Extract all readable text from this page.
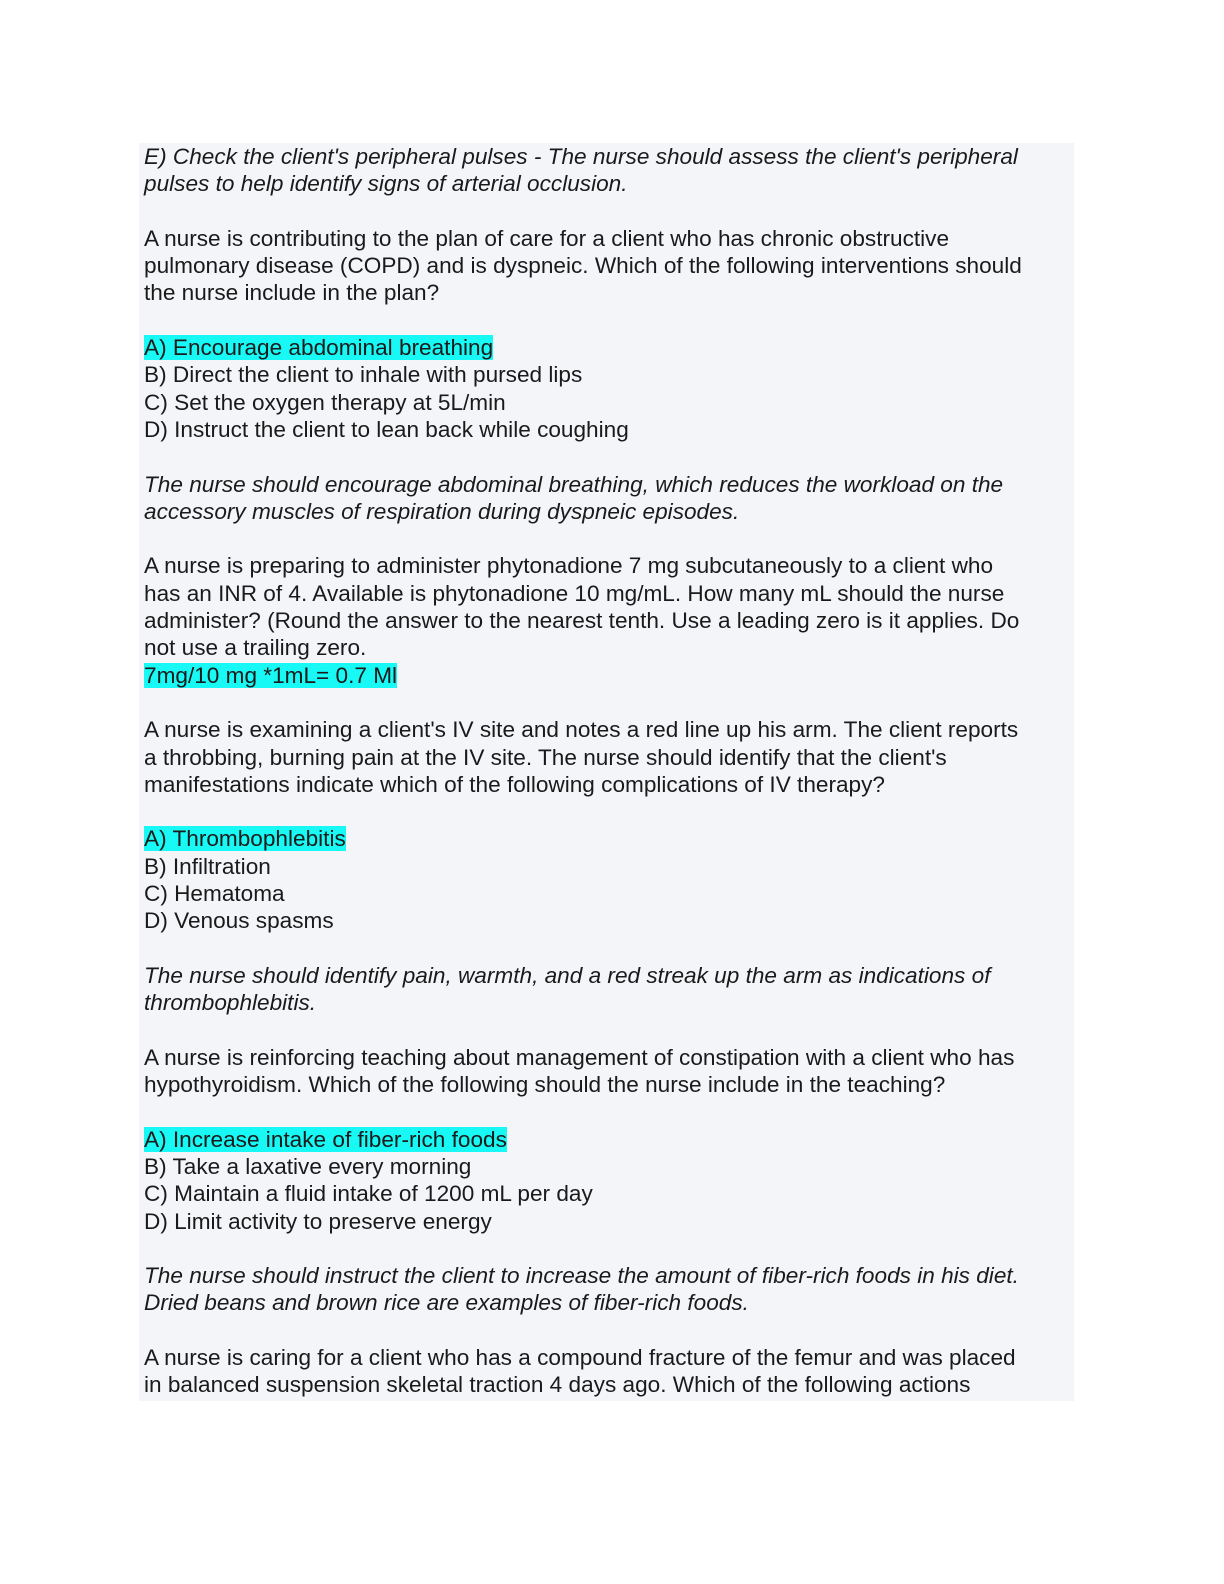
E) Check the client's peripheral pulses - The nurse should assess the client's peripheral
pulses to help identify signs of arterial occlusion.
A nurse is contributing to the plan of care for a client who has chronic obstructive
pulmonary disease (COPD) and is dyspneic. Which of the following interventions should
the nurse include in the plan?
A) Encourage abdominal breathing
B) Direct the client to inhale with pursed lips
C) Set the oxygen therapy at 5L/min
D) Instruct the client to lean back while coughing
The nurse should encourage abdominal breathing, which reduces the workload on the
accessory muscles of respiration during dyspneic episodes.
A nurse is preparing to administer phytonadione 7 mg subcutaneously to a client who
has an INR of 4. Available is phytonadione 10 mg/mL. How many mL should the nurse
administer? (Round the answer to the nearest tenth. Use a leading zero is it applies. Do
not use a trailing zero.
7mg/10 mg *1mL= 0.7 Ml
A nurse is examining a client's IV site and notes a red line up his arm. The client reports
a throbbing, burning pain at the IV site. The nurse should identify that the client's
manifestations indicate which of the following complications of IV therapy?
A) Thrombophlebitis
B) Infiltration
C) Hematoma
D) Venous spasms
The nurse should identify pain, warmth, and a red streak up the arm as indications of
thrombophlebitis.
A nurse is reinforcing teaching about management of constipation with a client who has
hypothyroidism. Which of the following should the nurse include in the teaching?
A) Increase intake of fiber-rich foods
B) Take a laxative every morning
C) Maintain a fluid intake of 1200 mL per day
D) Limit activity to preserve energy
The nurse should instruct the client to increase the amount of fiber-rich foods in his diet.
Dried beans and brown rice are examples of fiber-rich foods.
A nurse is caring for a client who has a compound fracture of the femur and was placed
in balanced suspension skeletal traction 4 days ago. Which of the following actions
